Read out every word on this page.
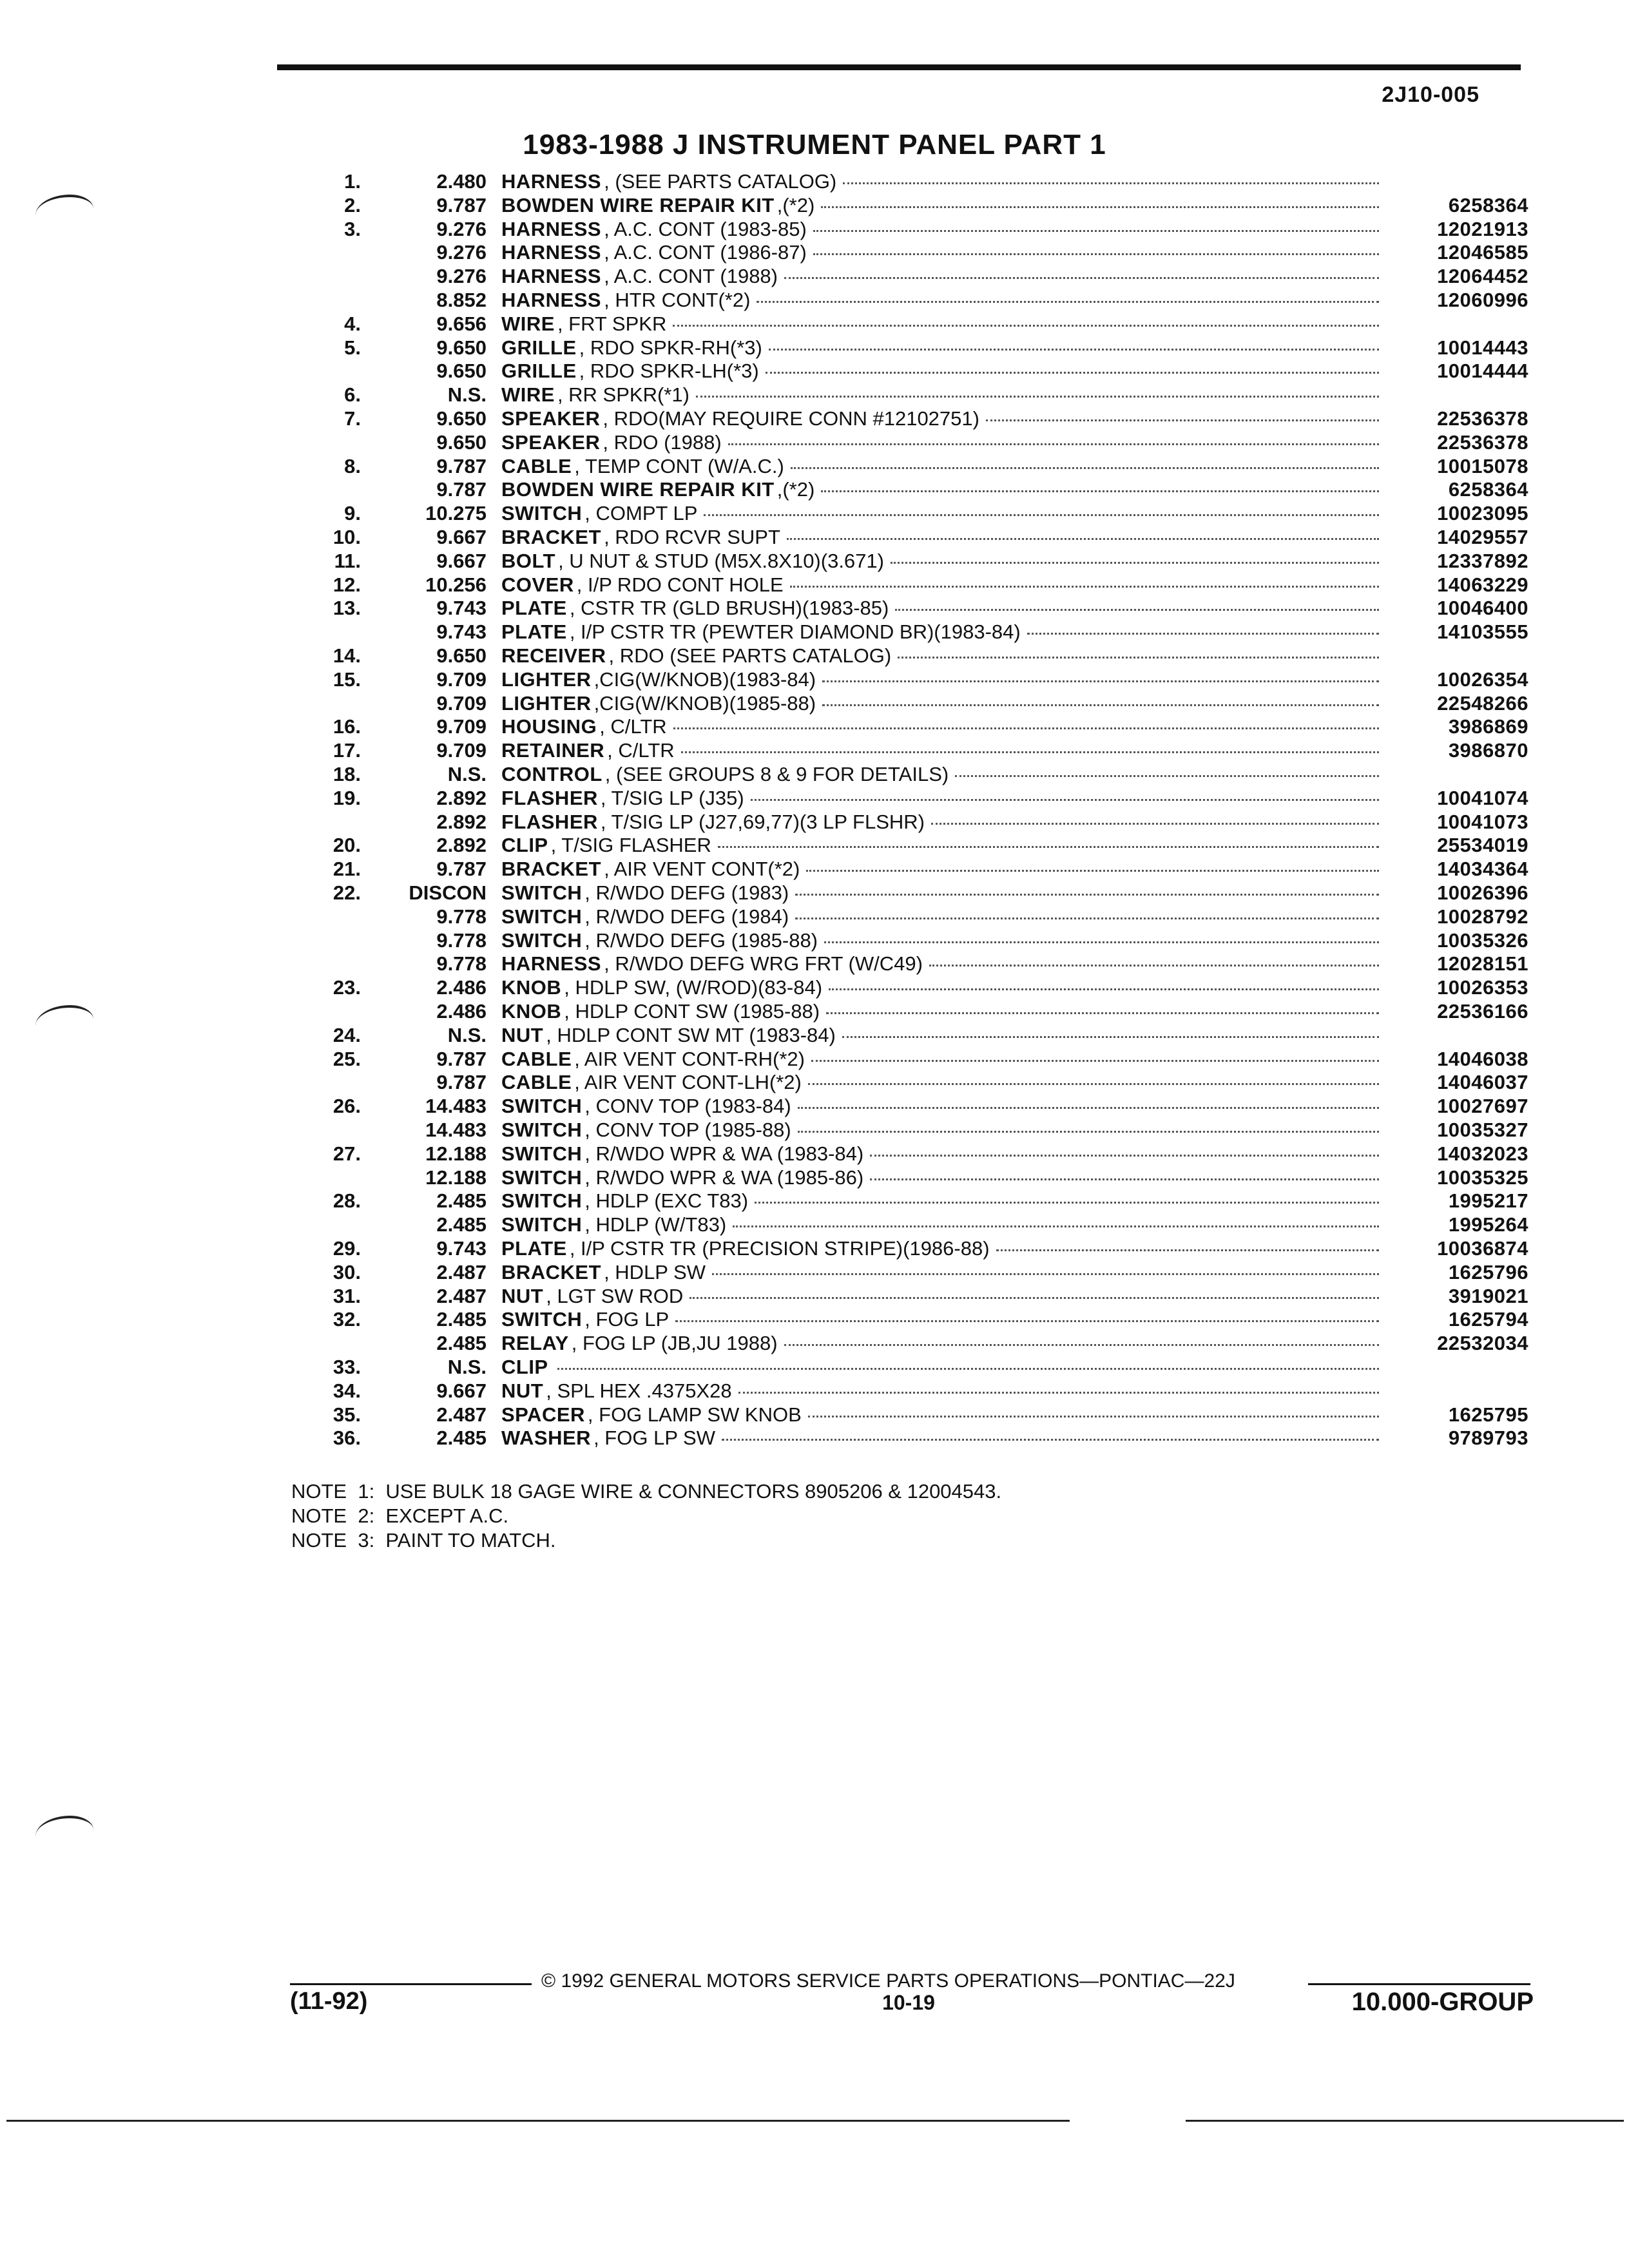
2J10-005
1983-1988 J INSTRUMENT PANEL PART 1
1.	2.480 HARNESS , (SEE PARTS CATALOG)
2.	9.787 BOWDEN WIRE REPAIR KIT ,(*2)	6258364
3.	9.276 HARNESS , A.C. CONT (1983-85)	12021913
9.276 HARNESS , A.C. CONT (1986-87)	12046585
9.276 HARNESS , A.C. CONT (1988)	12064452
8.852 HARNESS , HTR CONT(*2)	12060996
4.	9.656 WIRE , FRT SPKR
5.	9.650 GRILLE , RDO SPKR-RH(*3)	10014443
9.650 GRILLE , RDO SPKR-LH(*3)	10014444
6.	N.S. WIRE , RR SPKR(*1)
7.	9.650 SPEAKER , RDO(MAY REQUIRE CONN #12102751)	22536378
9.650 SPEAKER , RDO (1988)	22536378
8.	9.787 CABLE , TEMP CONT (W/A.C.)	10015078
9.787 BOWDEN WIRE REPAIR KIT ,(*2)	6258364
9.	10.275 SWITCH , COMPT LP	10023095
10.	9.667 BRACKET , RDO RCVR SUPT	14029557
11.	9.667 BOLT , U NUT & STUD (M5X.8X10)(3.671)	12337892
12.	10.256 COVER , I/P RDO CONT HOLE	14063229
13.	9.743 PLATE , CSTR TR (GLD BRUSH)(1983-85)	10046400
9.743 PLATE , I/P CSTR TR (PEWTER DIAMOND BR)(1983-84)	14103555
14.	9.650 RECEIVER , RDO (SEE PARTS CATALOG)
15.	9.709 LIGHTER ,CIG(W/KNOB)(1983-84)	10026354
9.709 LIGHTER ,CIG(W/KNOB)(1985-88)	22548266
16.	9.709 HOUSING , C/LTR	3986869
17.	9.709 RETAINER , C/LTR	3986870
18.	N.S. CONTROL , (SEE GROUPS 8 & 9 FOR DETAILS)
19.	2.892 FLASHER , T/SIG LP (J35)	10041074
2.892 FLASHER , T/SIG LP (J27,69,77)(3 LP FLSHR)	10041073
20.	2.892 CLIP , T/SIG FLASHER	25534019
21.	9.787 BRACKET , AIR VENT CONT(*2)	14034364
22.	DISCON SWITCH , R/WDO DEFG (1983)	10026396
9.778 SWITCH , R/WDO DEFG (1984)	10028792
9.778 SWITCH , R/WDO DEFG (1985-88)	10035326
9.778 HARNESS , R/WDO DEFG WRG FRT (W/C49)	12028151
23.	2.486 KNOB , HDLP SW, (W/ROD)(83-84)	10026353
2.486 KNOB , HDLP CONT SW (1985-88)	22536166
24.	N.S. NUT , HDLP CONT SW MT (1983-84)
25.	9.787 CABLE , AIR VENT CONT-RH(*2)	14046038
9.787 CABLE , AIR VENT CONT-LH(*2)	14046037
26.	14.483 SWITCH , CONV TOP (1983-84)	10027697
14.483 SWITCH , CONV TOP (1985-88)	10035327
27.	12.188 SWITCH , R/WDO WPR & WA (1983-84)	14032023
12.188 SWITCH , R/WDO WPR & WA (1985-86)	10035325
28.	2.485 SWITCH , HDLP (EXC T83)	1995217
2.485 SWITCH , HDLP (W/T83)	1995264
29.	9.743 PLATE , I/P CSTR TR (PRECISION STRIPE)(1986-88)	10036874
30.	2.487 BRACKET , HDLP SW	1625796
31.	2.487 NUT , LGT SW ROD	3919021
32.	2.485 SWITCH , FOG LP	1625794
2.485 RELAY , FOG LP (JB,JU 1988)	22532034
33.	N.S. CLIP
34.	9.667 NUT , SPL HEX .4375X28
35.	2.487 SPACER , FOG LAMP SW KNOB	1625795
36.	2.485 WASHER , FOG LP SW	9789793
NOTE  1:  USE BULK 18 GAGE WIRE & CONNECTORS 8905206 & 12004543.
NOTE  2:  EXCEPT A.C.
NOTE  3:  PAINT TO MATCH.
© 1992 GENERAL MOTORS SERVICE PARTS OPERATIONS—PONTIAC—22J
(11-92)	10-19	10.000-GROUP
